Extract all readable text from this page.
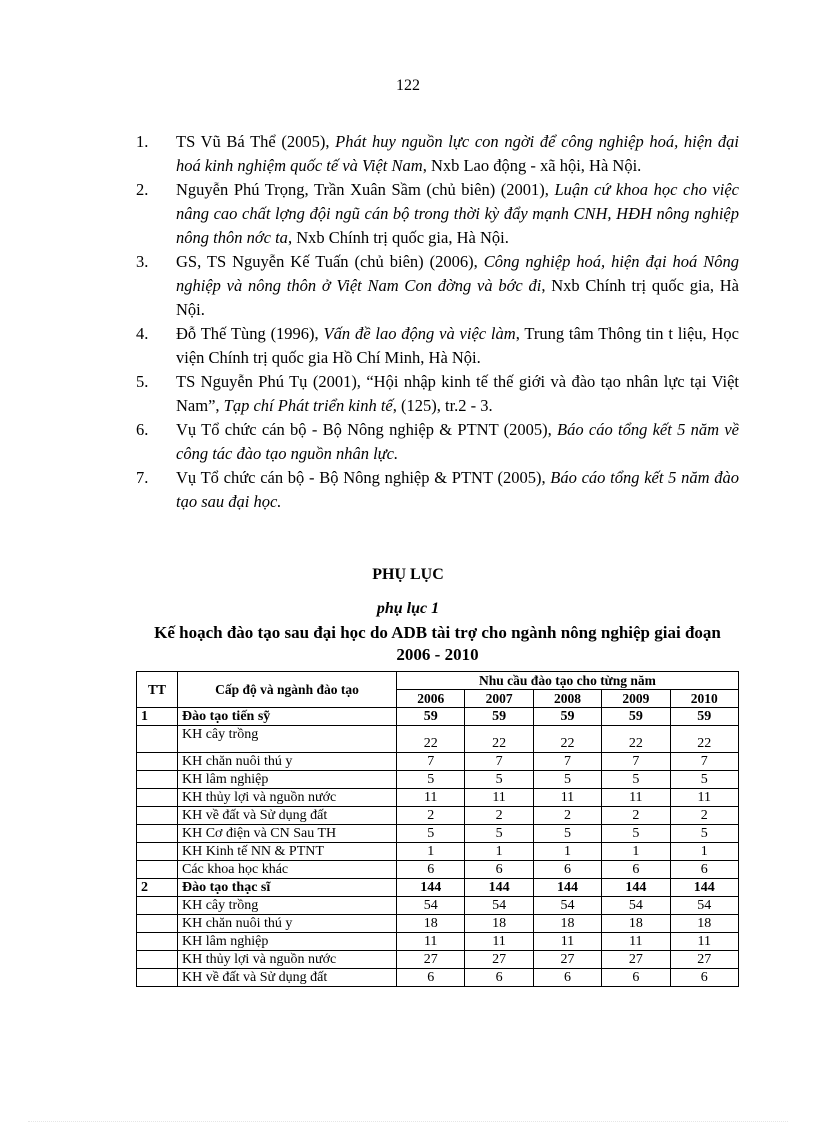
122
1. TS Vũ Bá Thể (2005), Phát huy nguồn lực con ngời để công nghiệp hoá, hiện đại hoá kinh nghiệm quốc tế và Việt Nam, Nxb Lao động - xã hội, Hà Nội.
2. Nguyễn Phú Trọng, Trần Xuân Sầm (chủ biên) (2001), Luận cứ khoa học cho việc nâng cao chất lợng đội ngũ cán bộ trong thời kỳ đẩy mạnh CNH, HĐH nông nghiệp nông thôn nớc ta, Nxb Chính trị quốc gia, Hà Nội.
3. GS, TS Nguyễn Kế Tuấn (chủ biên) (2006), Công nghiệp hoá, hiện đại hoá Nông nghiệp và nông thôn ở Việt Nam Con đờng và bớc đi, Nxb Chính trị quốc gia, Hà Nội.
4. Đỗ Thế Tùng (1996), Vấn đề lao động và việc làm, Trung tâm Thông tin t liệu, Học viện Chính trị quốc gia Hồ Chí Minh, Hà Nội.
5. TS Nguyễn Phú Tụ (2001), “Hội nhập kinh tế thế giới và đào tạo nhân lực tại Việt Nam”, Tạp chí Phát triển kinh tế, (125), tr.2 - 3.
6. Vụ Tổ chức cán bộ - Bộ Nông nghiệp & PTNT (2005), Báo cáo tổng kết 5 năm về công tác đào tạo nguồn nhân lực.
7. Vụ Tổ chức cán bộ - Bộ Nông nghiệp & PTNT (2005), Báo cáo tổng kết 5 năm đào tạo sau đại học.
PHỤ LỤC
phụ lục 1
Kế hoạch đào tạo sau đại học do ADB tài trợ cho ngành nông nghiệp giai đoạn 2006 - 2010
TT	Cấp độ và ngành đào tạo	Nhu cầu đào tạo cho từng năm				
		2006	2007	2008	2009	2010
1	Đào tạo tiến sỹ	59	59	59	59	59
	KH cây trồng	22	22	22	22	22
	KH chăn nuôi thú y	7	7	7	7	7
	KH lâm nghiệp	5	5	5	5	5
	KH thủy lợi và nguồn nước	11	11	11	11	11
	KH về đất và Sử dụng đất	2	2	2	2	2
	KH Cơ điện và CN Sau TH	5	5	5	5	5
	KH Kinh tế NN & PTNT	1	1	1	1	1
	Các khoa học khác	6	6	6	6	6
2	Đào tạo thạc sĩ	144	144	144	144	144
	KH cây trồng	54	54	54	54	54
	KH chăn nuôi thú y	18	18	18	18	18
	KH lâm nghiệp	11	11	11	11	11
	KH thủy lợi và nguồn nước	27	27	27	27	27
	KH về đất và Sử dụng đất	6	6	6	6	6
